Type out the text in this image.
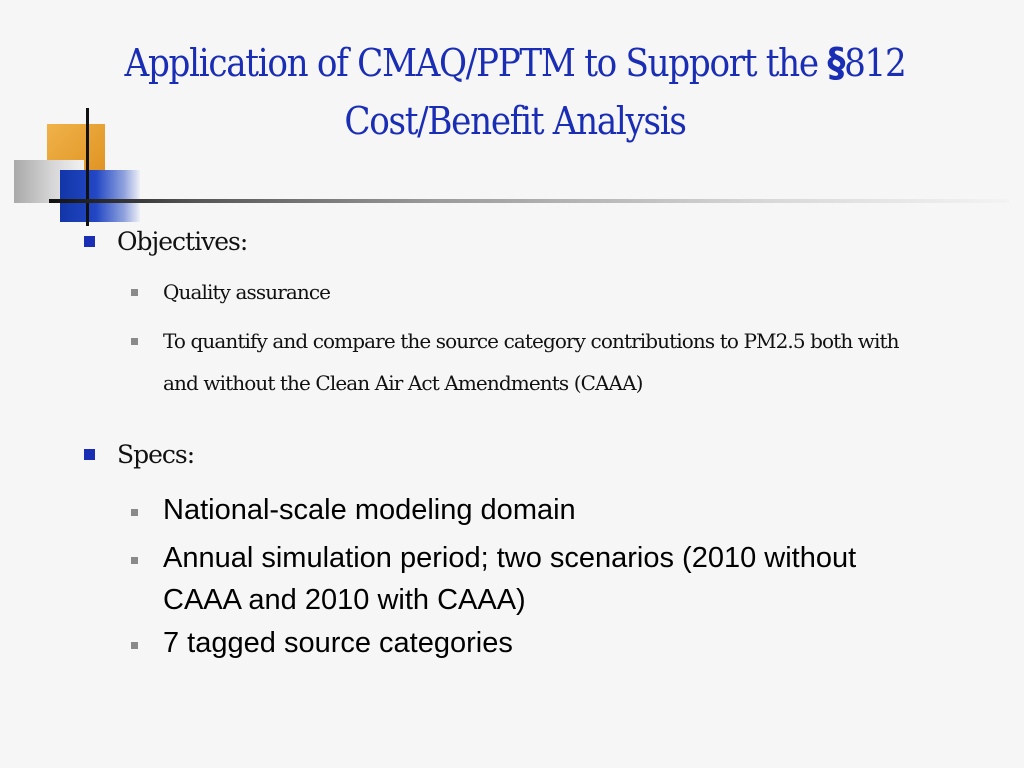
Application of CMAQ/PPTM to Support the §812
Cost/Benefit Analysis
Objectives:
Quality assurance
To quantify and compare the source category contributions to PM2.5 both with
and without the Clean Air Act Amendments (CAAA)
Specs:
National-scale modeling domain
Annual simulation period; two scenarios (2010 without
CAAA and 2010 with CAAA)
7 tagged source categories
